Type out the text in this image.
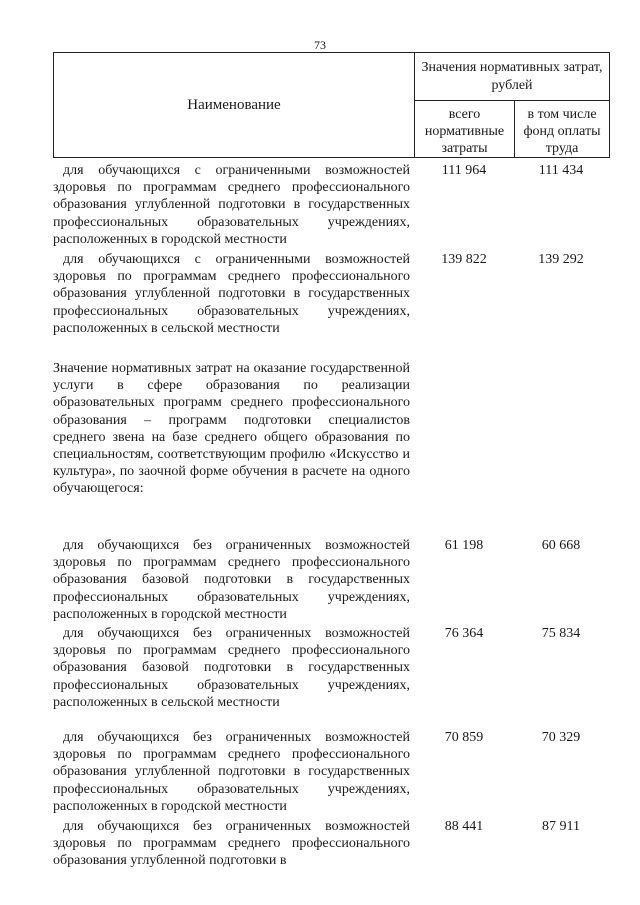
73
Наименование
Значения нормативных затрат, рублей
всего нормативные затраты
в том числе фонд оплаты труда
для обучающихся с ограниченными возможностей здоровья по программам среднего профессионального образования углубленной подготовки в государственных профессиональных образовательных учреждениях, расположенных в городской местности
111 964	111 434
для обучающихся с ограниченными возможностей здоровья по программам среднего профессионального образования углубленной подготовки в государственных профессиональных образовательных учреждениях, расположенных в сельской местности
139 822	139 292
Значение нормативных затрат на оказание государственной услуги в сфере образования по реализации образовательных программ среднего профессионального образования – программ подготовки специалистов среднего звена на базе среднего общего образования по специальностям, соответствующим профилю «Искусство и культура», по заочной форме обучения в расчете на одного обучающегося:
для обучающихся без ограниченных возможностей здоровья по программам среднего профессионального образования базовой подготовки в государственных профессиональных образовательных учреждениях, расположенных в городской местности
61 198	60 668
для обучающихся без ограниченных возможностей здоровья по программам среднего профессионального образования базовой подготовки в государственных профессиональных образовательных учреждениях, расположенных в сельской местности
76 364	75 834
для обучающихся без ограниченных возможностей здоровья по программам среднего профессионального образования углубленной подготовки в государственных профессиональных образовательных учреждениях, расположенных в городской местности
70 859	70 329
для обучающихся без ограниченных возможностей здоровья по программам среднего профессионального образования углубленной подготовки в
88 441	87 911
